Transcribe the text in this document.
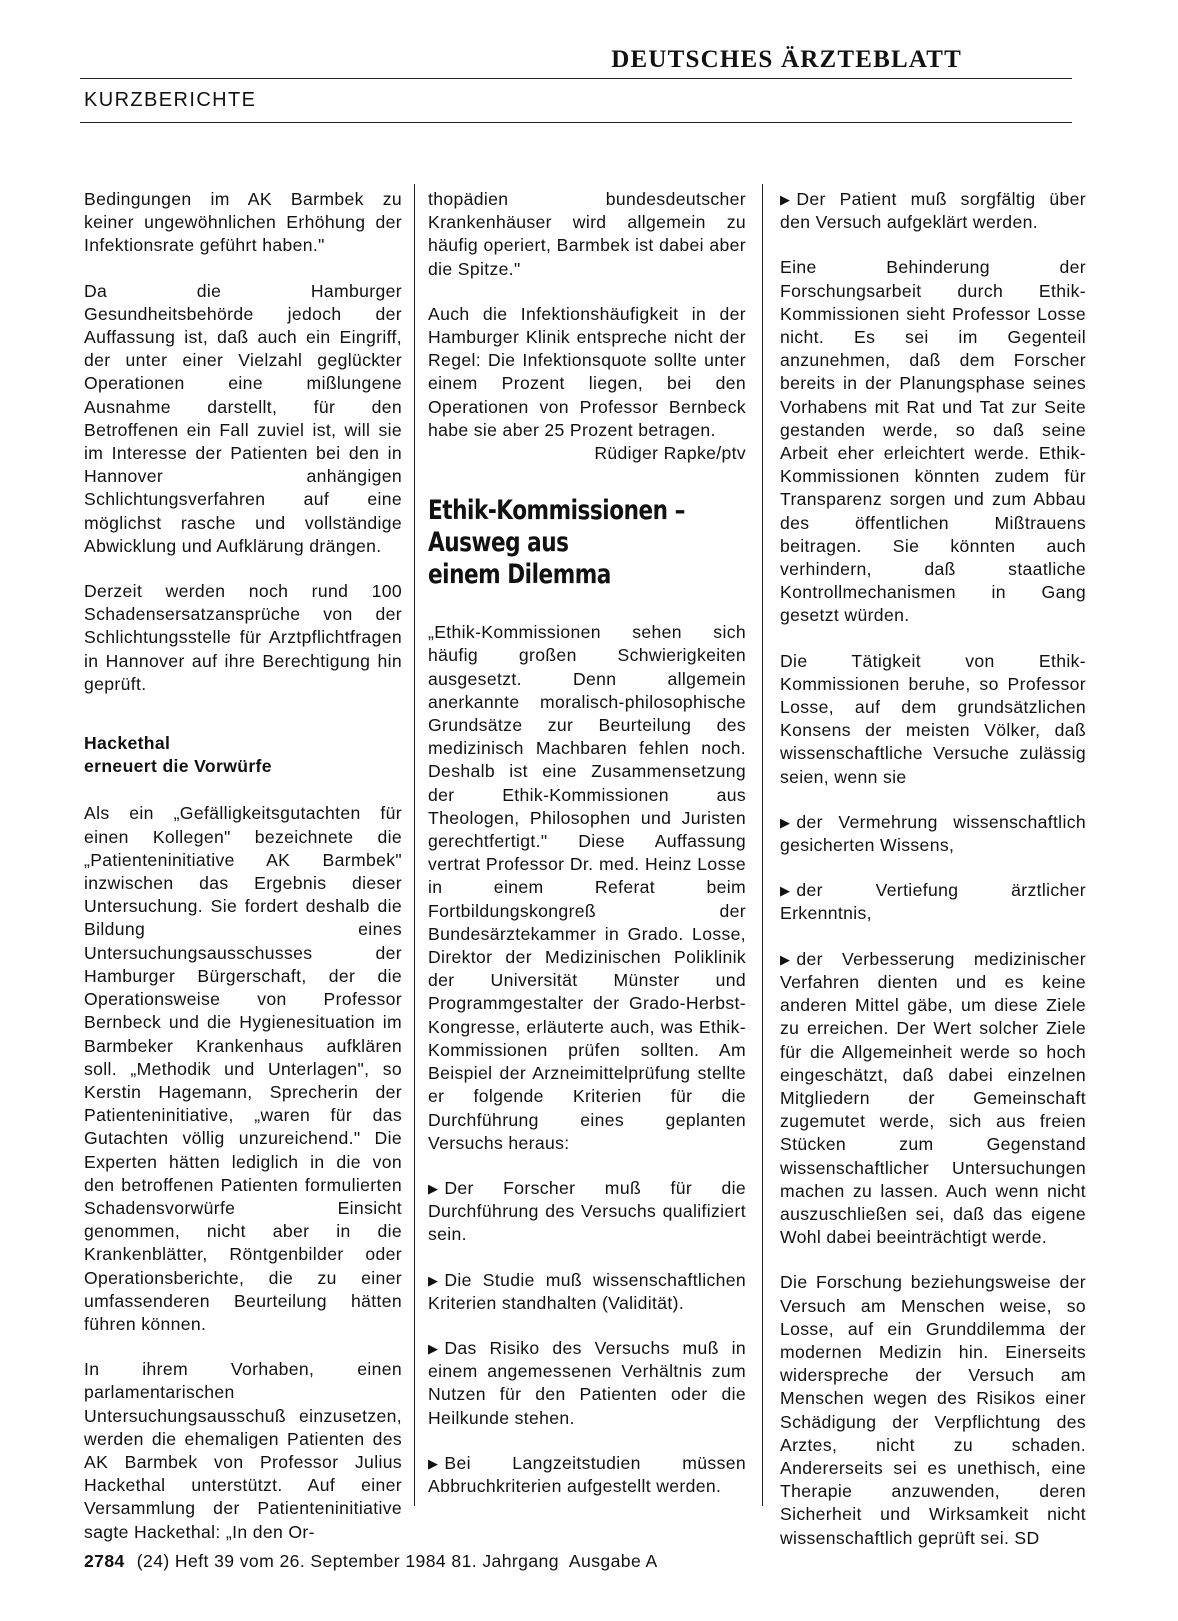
DEUTSCHES ÄRZTEBLATT
KURZBERICHTE

Bedingungen im AK Barmbek zu keiner ungewöhnlichen Erhöhung der Infektionsrate geführt haben."

Da die Hamburger Gesundheitsbehörde jedoch der Auffassung ist, daß auch ein Eingriff, der unter einer Vielzahl geglückter Operationen eine mißlungene Ausnahme darstellt, für den Betroffenen ein Fall zuviel ist, will sie im Interesse der Patienten bei den in Hannover anhängigen Schlichtungsverfahren auf eine möglichst rasche und vollständige Abwicklung und Aufklärung drängen.

Derzeit werden noch rund 100 Schadensersatzansprüche von der Schlichtungsstelle für Arztpflichtfragen in Hannover auf ihre Berechtigung hin geprüft.

Hackethal
erneuert die Vorwürfe

Als ein „Gefälligkeitsgutachten für einen Kollegen" bezeichnete die „Patienteninitiative AK Barmbek" inzwischen das Ergebnis dieser Untersuchung. Sie fordert deshalb die Bildung eines Untersuchungsausschusses der Hamburger Bürgerschaft, der die Operationsweise von Professor Bernbeck und die Hygienesituation im Barmbeker Krankenhaus aufklären soll. „Methodik und Unterlagen", so Kerstin Hagemann, Sprecherin der Patienteninitiative, „waren für das Gutachten völlig unzureichend." Die Experten hätten lediglich in die von den betroffenen Patienten formulierten Schadensvorwürfe Einsicht genommen, nicht aber in die Krankenblätter, Röntgenbilder oder Operationsberichte, die zu einer umfassenderen Beurteilung hätten führen können.

In ihrem Vorhaben, einen parlamentarischen Untersuchungsausschuß einzusetzen, werden die ehemaligen Patienten des AK Barmbek von Professor Julius Hackethal unterstützt. Auf einer Versammlung der Patienteninitiative sagte Hackethal: „In den Or-

thopädien bundesdeutscher Krankenhäuser wird allgemein zu häufig operiert, Barmbek ist dabei aber die Spitze."

Auch die Infektionshäufigkeit in der Hamburger Klinik entspreche nicht der Regel: Die Infektionsquote sollte unter einem Prozent liegen, bei den Operationen von Professor Bernbeck habe sie aber 25 Prozent betragen.

Rüdiger Rapke/ptv
Ethik-Kommissionen –
Ausweg aus
einem Dilemma

„Ethik-Kommissionen sehen sich häufig großen Schwierigkeiten ausgesetzt. Denn allgemein anerkannte moralisch-philosophische Grundsätze zur Beurteilung des medizinisch Machbaren fehlen noch. Deshalb ist eine Zusammensetzung der Ethik-Kommissionen aus Theologen, Philosophen und Juristen gerechtfertigt." Diese Auffassung vertrat Professor Dr. med. Heinz Losse in einem Referat beim Fortbildungskongreß der Bundesärztekammer in Grado. Losse, Direktor der Medizinischen Poliklinik der Universität Münster und Programmgestalter der Grado-Herbst-Kongresse, erläuterte auch, was Ethik-Kommissionen prüfen sollten. Am Beispiel der Arzneimittelprüfung stellte er folgende Kriterien für die Durchführung eines geplanten Versuchs heraus:

▶ Der Forscher muß für die Durchführung des Versuchs qualifiziert sein.

▶ Die Studie muß wissenschaftlichen Kriterien standhalten (Validität).

▶ Das Risiko des Versuchs muß in einem angemessenen Verhältnis zum Nutzen für den Patienten oder die Heilkunde stehen.

▶ Bei Langzeitstudien müssen Abbruchkriterien aufgestellt werden.

▶ Der Patient muß sorgfältig über den Versuch aufgeklärt werden.

Eine Behinderung der Forschungsarbeit durch Ethik-Kommissionen sieht Professor Losse nicht. Es sei im Gegenteil anzunehmen, daß dem Forscher bereits in der Planungsphase seines Vorhabens mit Rat und Tat zur Seite gestanden werde, so daß seine Arbeit eher erleichtert werde. Ethik-Kommissionen könnten zudem für Transparenz sorgen und zum Abbau des öffentlichen Mißtrauens beitragen. Sie könnten auch verhindern, daß staatliche Kontrollmechanismen in Gang gesetzt würden.

Die Tätigkeit von Ethik-Kommissionen beruhe, so Professor Losse, auf dem grundsätzlichen Konsens der meisten Völker, daß wissenschaftliche Versuche zulässig seien, wenn sie

▶ der Vermehrung wissenschaftlich gesicherten Wissens,

▶ der Vertiefung ärztlicher Erkenntnis,

▶ der Verbesserung medizinischer Verfahren dienten und es keine anderen Mittel gäbe, um diese Ziele zu erreichen. Der Wert solcher Ziele für die Allgemeinheit werde so hoch eingeschätzt, daß dabei einzelnen Mitgliedern der Gemeinschaft zugemutet werde, sich aus freien Stücken zum Gegenstand wissenschaftlicher Untersuchungen machen zu lassen. Auch wenn nicht auszuschließen sei, daß das eigene Wohl dabei beeinträchtigt werde.

Die Forschung beziehungsweise der Versuch am Menschen weise, so Losse, auf ein Grunddilemma der modernen Medizin hin. Einerseits widerspreche der Versuch am Menschen wegen des Risikos einer Schädigung der Verpflichtung des Arztes, nicht zu schaden. Andererseits sei es unethisch, eine Therapie anzuwenden, deren Sicherheit und Wirksamkeit nicht wissenschaftlich geprüft sei. SD

2784 (24) Heft 39 vom 26. September 1984 81. Jahrgang Ausgabe A
